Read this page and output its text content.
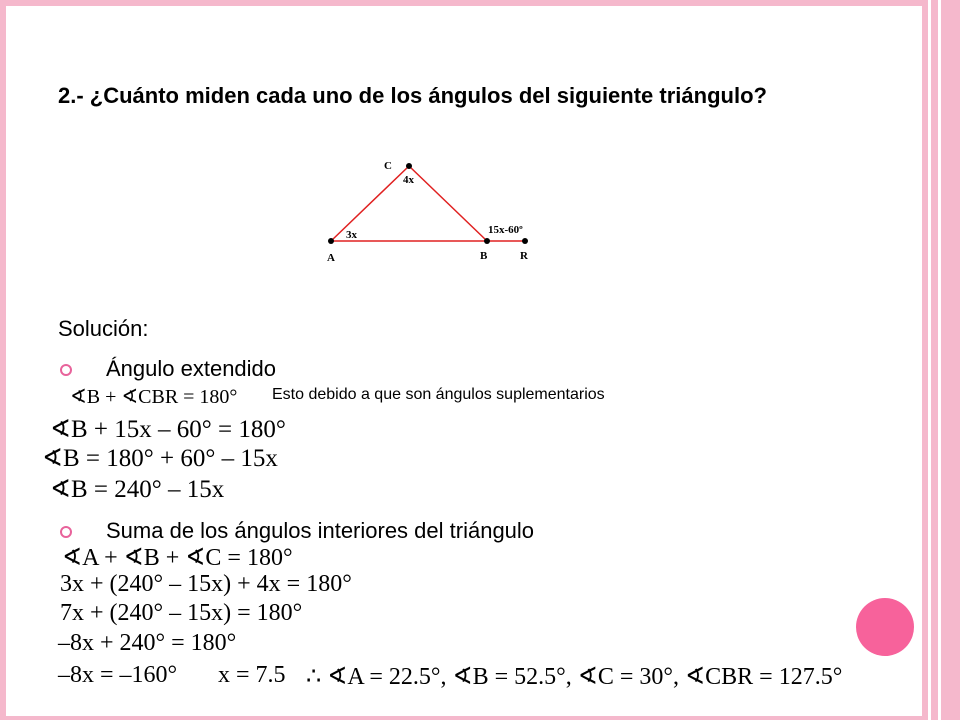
2.- ¿Cuánto miden cada uno de los ángulos del siguiente triángulo?
C
4x
3x	15x-60º
A	B	R
Solución:
Ángulo extendido
∢B + ∢CBR = 180° Esto debido a que son ángulos suplementarios
∢B + 15x – 60° = 180°
∢B = 180° + 60° – 15x
∢B = 240° – 15x
Suma de los ángulos interiores del triángulo
∢A + ∢B + ∢C = 180°
3x + (240° – 15x) + 4x = 180°
7x + (240° – 15x) = 180°
–8x + 240° = 180°
–8x = –160° x = 7.5 ∴ ∢A = 22.5°, ∢B = 52.5°, ∢C = 30°, ∢CBR = 127.5°
